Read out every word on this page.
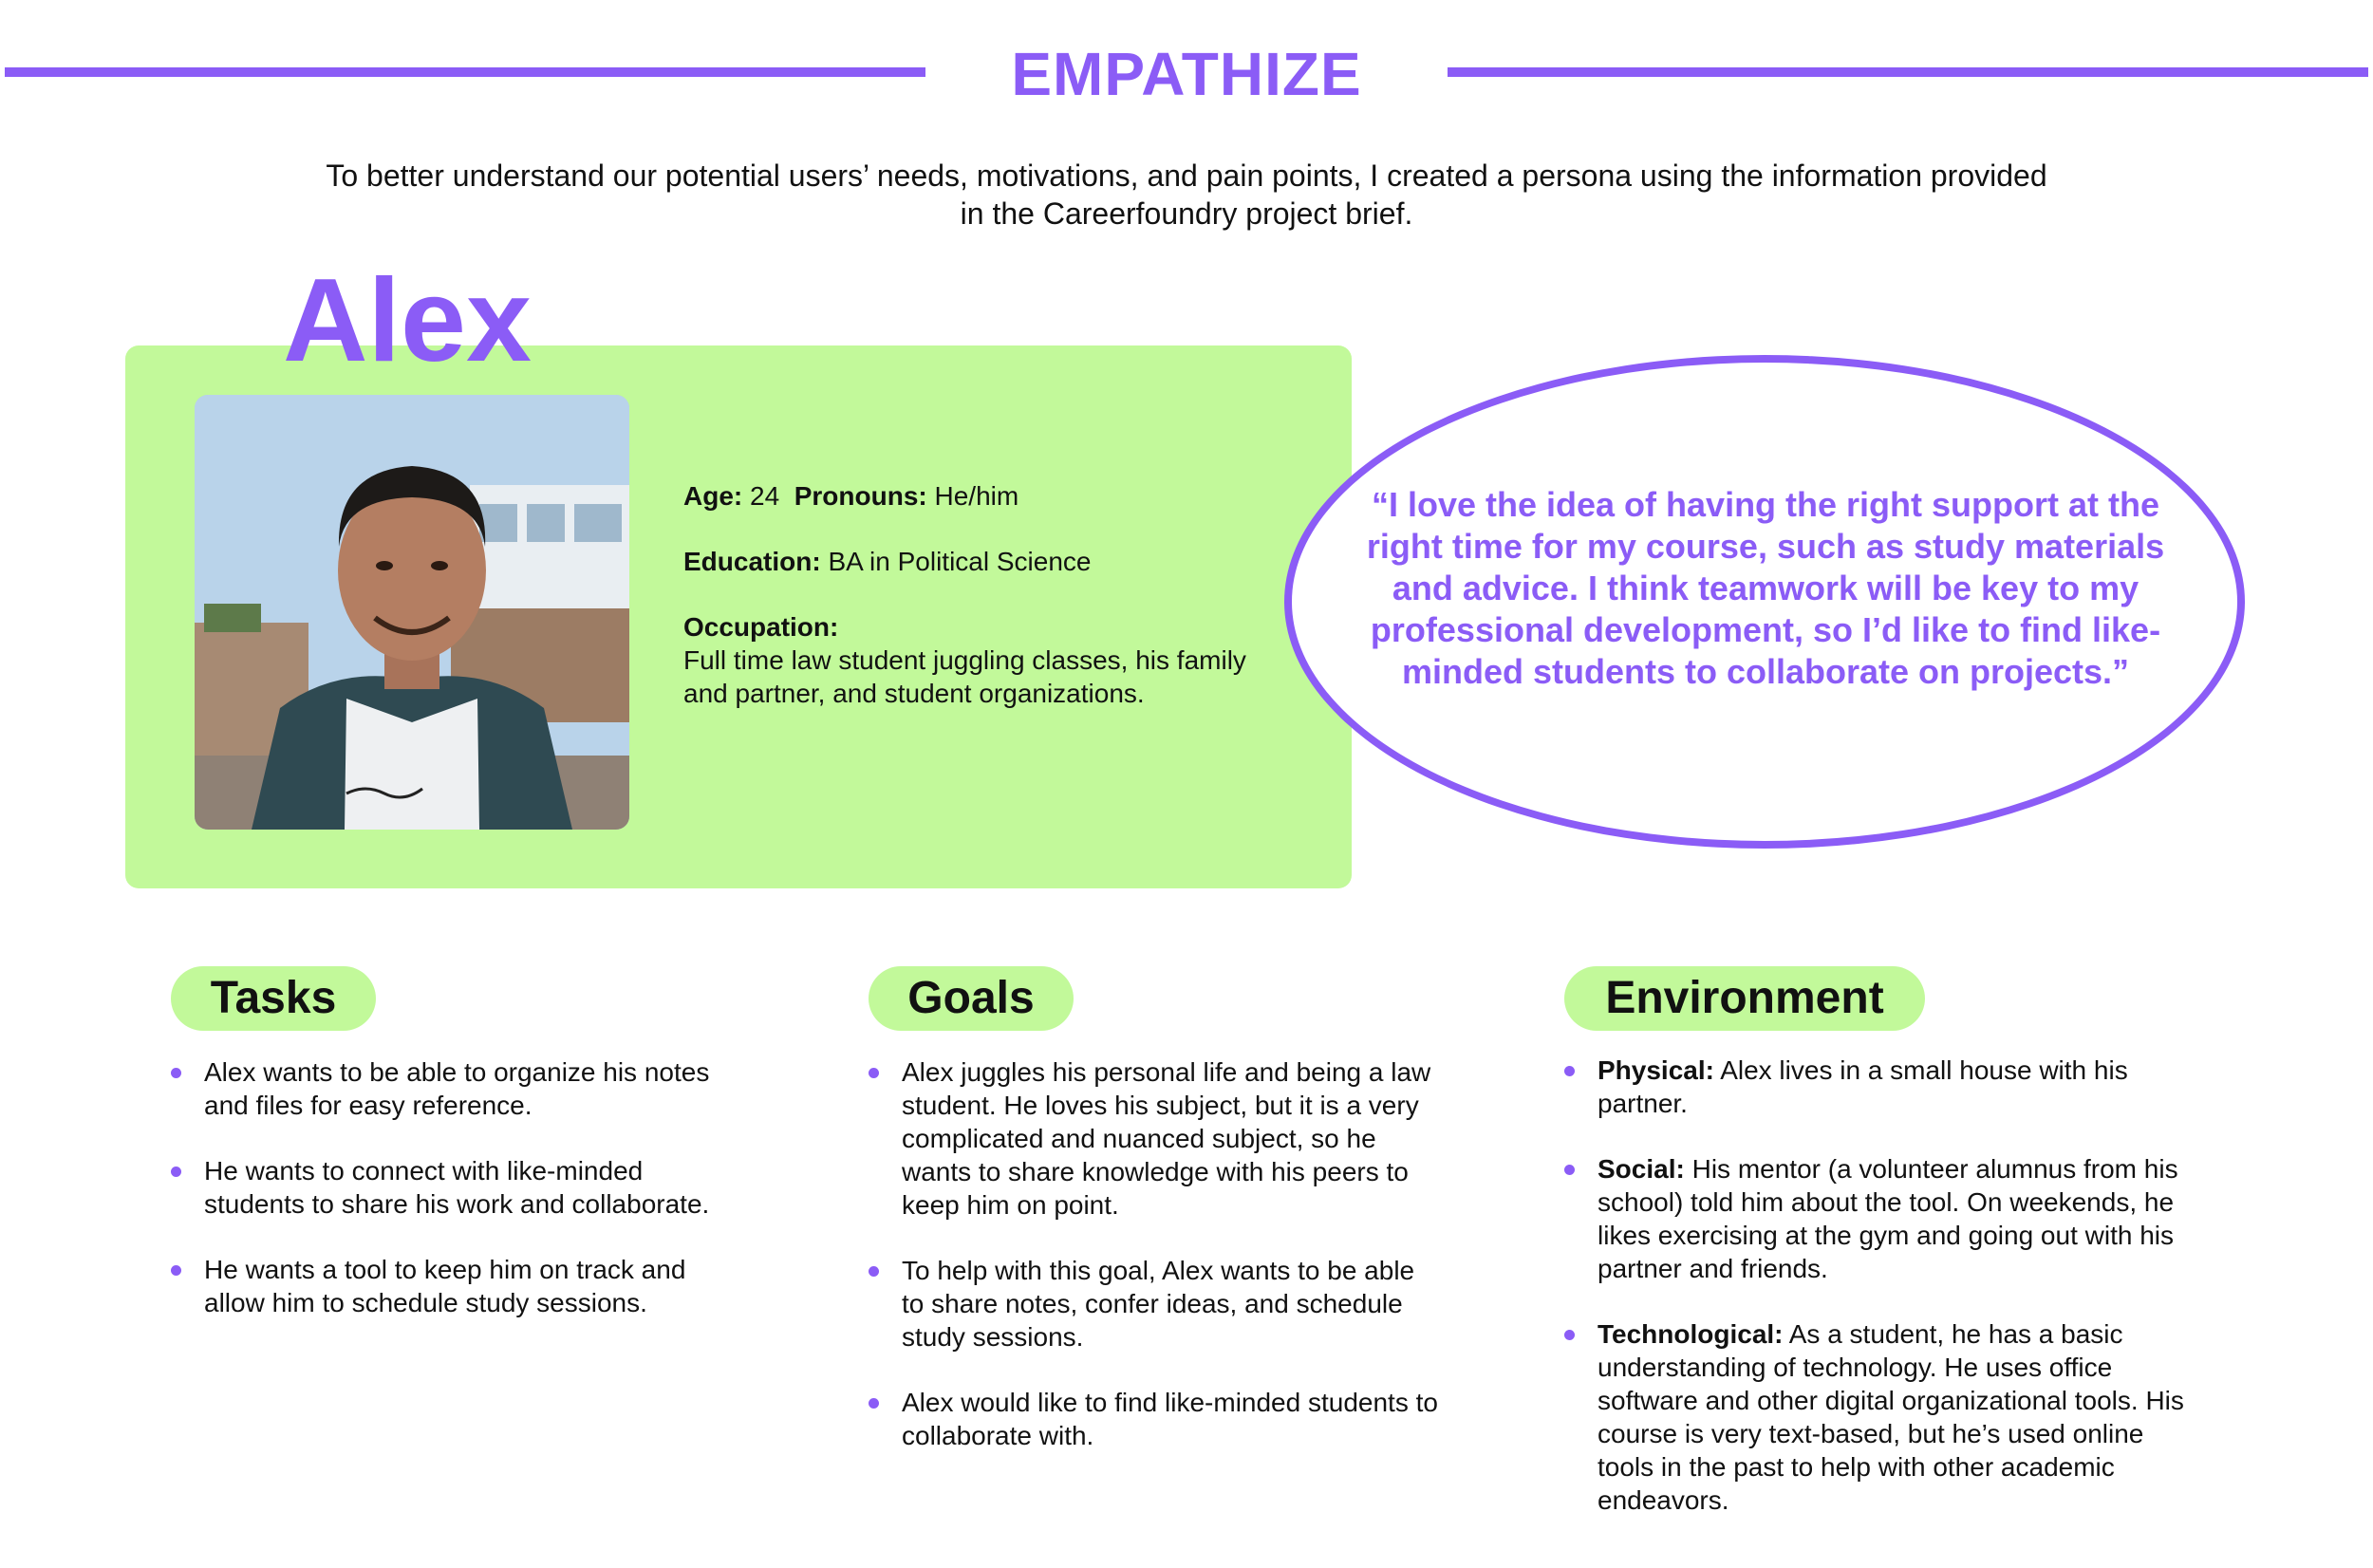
EMPATHIZE
To better understand our potential users’ needs, motivations, and pain points, I created a persona using the information provided in the Careerfoundry project brief.
Alex

Age: 24 Pronouns: He/him

Education: BA in Political Science

Occupation:
Full time law student juggling classes, his family and partner, and student organizations.

“I love the idea of having the right support at the right time for my course, such as study materials and advice. I think teamwork will be key to my professional development, so I’d like to find like-minded students to collaborate on projects.”
Tasks	Goals	Environment
Alex wants to be able to organize his notes and files for easy reference.
He wants to connect with like-minded students to share his work and collaborate.
He wants a tool to keep him on track and allow him to schedule study sessions.
Alex juggles his personal life and being a law student. He loves his subject, but it is a very complicated and nuanced subject, so he wants to share knowledge with his peers to keep him on point.
To help with this goal, Alex wants to be able to share notes, confer ideas, and schedule study sessions.
Alex would like to find like-minded students to collaborate with.
Physical: Alex lives in a small house with his partner.
Social: His mentor (a volunteer alumnus from his school) told him about the tool. On weekends, he likes exercising at the gym and going out with his partner and friends.
Technological: As a student, he has a basic understanding of technology. He uses office software and other digital organizational tools. His course is very text-based, but he’s used online tools in the past to help with other academic endeavors.
